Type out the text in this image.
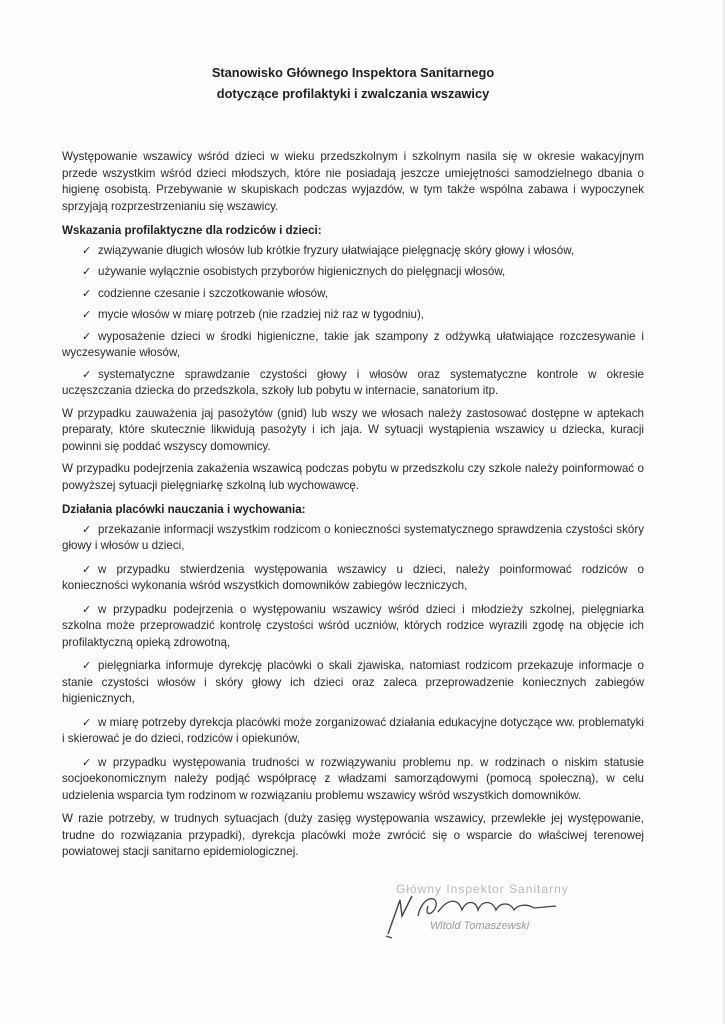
Stanowisko Głównego Inspektora Sanitarnego

dotyczące profilaktyki i zwalczania wszawicy

Występowanie wszawicy wśród dzieci w wieku przedszkolnym i szkolnym nasila się w okresie wakacyjnym przede wszystkim wśród dzieci młodszych, które nie posiadają jeszcze umiejętności samodzielnego dbania o higienę osobistą. Przebywanie w skupiskach podczas wyjazdów, w tym także wspólna zabawa i wypoczynek sprzyjają rozprzestrzenianiu się wszawicy.
Wskazania profilaktyczne dla rodziców i dzieci:
✓ związywanie długich włosów lub krótkie fryzury ułatwiające pielęgnację skóry głowy i włosów,
✓ używanie wyłącznie osobistych przyborów higienicznych do pielęgnacji włosów,
✓ codzienne czesanie i szczotkowanie włosów,
✓ mycie włosów w miarę potrzeb (nie rzadziej niż raz w tygodniu),
✓ wyposażenie dzieci w środki higieniczne, takie jak szampony z odżywką ułatwiające rozczesywanie i wyczesywanie włosów,
✓ systematyczne sprawdzanie czystości głowy i włosów oraz systematyczne kontrole w okresie uczęszczania dziecka do przedszkola, szkoły lub pobytu w internacie, sanatorium itp.

W przypadku zauważenia jaj pasożytów (gnid) lub wszy we włosach należy zastosować dostępne w aptekach preparaty, które skutecznie likwidują pasożyty i ich jaja. W sytuacji wystąpienia wszawicy u dziecka, kuracji powinni się poddać wszyscy domownicy.

W przypadku podejrzenia zakażenia wszawicą podczas pobytu w przedszkolu czy szkole należy poinformować o powyższej sytuacji pielęgniarkę szkolną lub wychowawcę.

Działania placówki nauczania i wychowania:
✓ przekazanie informacji wszystkim rodzicom o konieczności systematycznego sprawdzenia czystości skóry głowy i włosów u dzieci,
✓ w przypadku stwierdzenia występowania wszawicy u dzieci, należy poinformować rodziców o konieczności wykonania wśród wszystkich domowników zabiegów leczniczych,
✓ w przypadku podejrzenia o występowaniu wszawicy wśród dzieci i młodzieży szkolnej, pielęgniarka szkolna może przeprowadzić kontrolę czystości wśród uczniów, których rodzice wyrazili zgodę na objęcie ich profilaktyczną opieką zdrowotną,
✓ pielęgniarka informuje dyrekcję placówki o skali zjawiska, natomiast rodzicom przekazuje informacje o stanie czystości włosów i skóry głowy ich dzieci oraz zaleca przeprowadzenie koniecznych zabiegów higienicznych,
✓ w miarę potrzeby dyrekcja placówki może zorganizować działania edukacyjne dotyczące ww. problematyki i skierować je do dzieci, rodziców i opiekunów,
✓ w przypadku występowania trudności w rozwiązywaniu problemu np. w rodzinach o niskim statusie socjoekonomicznym należy podjąć współpracę z władzami samorządowymi (pomocą społeczną), w celu udzielenia wsparcia tym rodzinom w rozwiązaniu problemu wszawicy wśród wszystkich domowników.

W razie potrzeby, w trudnych sytuacjach (duży zasięg występowania wszawicy, przewlekłe jej występowanie, trudne do rozwiązania przypadki), dyrekcja placówki może zwrócić się o wsparcie do właściwej terenowej powiatowej stacji sanitarno epidemiologicznej.

Główny Inspektor Sanitarny
Witold Tomaszewski
